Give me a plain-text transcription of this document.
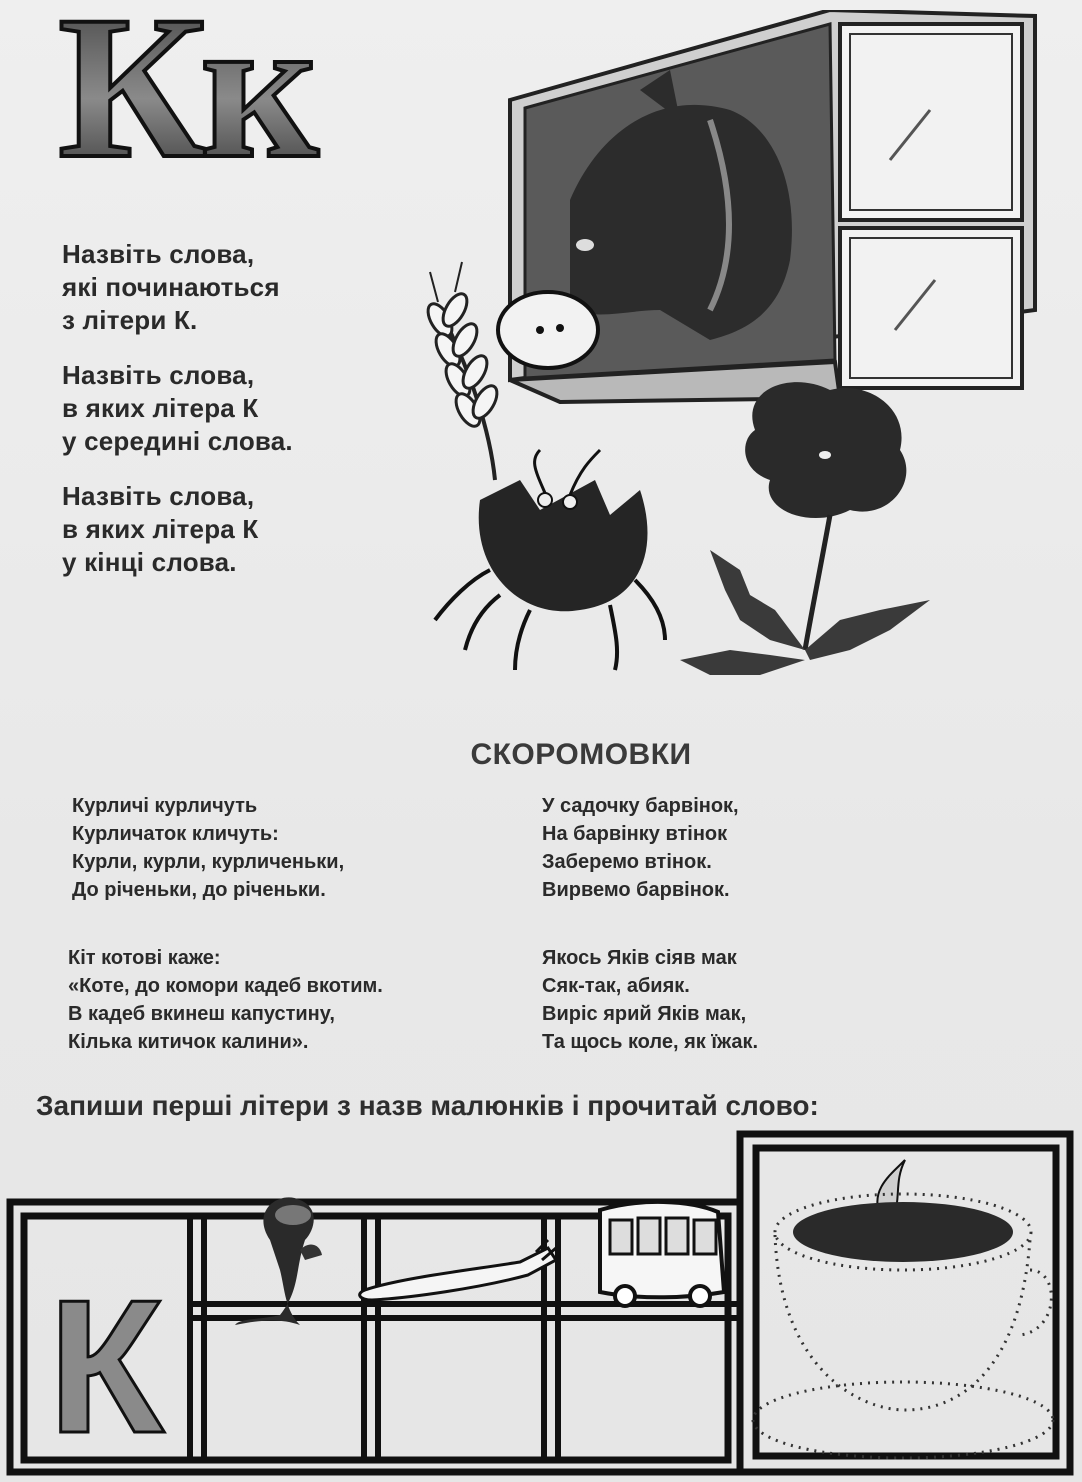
Кк
Назвіть слова,
які починаються
з літери К.
Назвіть слова,
в яких літера К
у середині слова.
Назвіть слова,
в яких літера К
у кінці слова.
СКОРОМОВКИ
Курличі курличуть
Курличаток кличуть:
Курли, курли, курличеньки,
До річеньки, до річеньки.
У садочку барвінок,
На барвінку втінок
Заберемо втінок.
Вирвемо барвінок.
Кіт котові каже:
«Коте, до комори кадеб вкотим.
В кадеб вкинеш капустину,
Кілька китичок калини».
Якось Яків сіяв мак
Сяк-так, абияк.
Виріс ярий Яків мак,
Та щось коле, як їжак.
Запиши перші літери з назв малюнків і прочитай слово:
К
